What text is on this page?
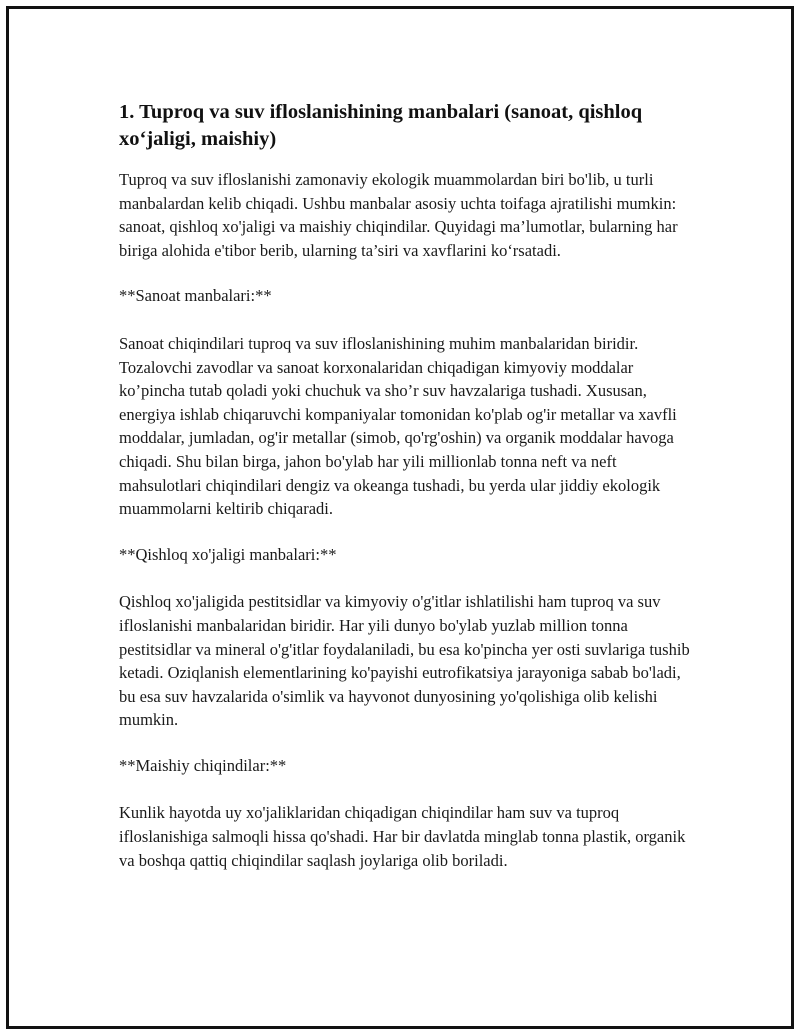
1. Tuproq va suv ifloslanishining manbalari (sanoat, qishloq xo‘jaligi, maishiy)

Tuproq va suv ifloslanishi zamonaviy ekologik muammolardan biri bo'lib, u turli manbalardan kelib chiqadi. Ushbu manbalar asosiy uchta toifaga ajratilishi mumkin: sanoat, qishloq xo'jaligi va maishiy chiqindilar. Quyidagi ma’lumotlar, bularning har biriga alohida e'tibor berib, ularning ta’siri va xavflarini ko‘rsatadi.

**Sanoat manbalari:**

Sanoat chiqindilari tuproq va suv ifloslanishining muhim manbalaridan biridir. Tozalovchi zavodlar va sanoat korxonalaridan chiqadigan kimyoviy moddalar ko’pincha tutab qoladi yoki chuchuk va sho’r suv havzalariga tushadi. Xususan, energiya ishlab chiqaruvchi kompaniyalar tomonidan ko'plab og'ir metallar va xavfli moddalar, jumladan, og'ir metallar (simob, qo'rg'oshin) va organik moddalar havoga chiqadi. Shu bilan birga, jahon bo'ylab har yili millionlab tonna neft va neft mahsulotlari chiqindilari dengiz va okeanga tushadi, bu yerda ular jiddiy ekologik muammolarni keltirib chiqaradi.

**Qishloq xo'jaligi manbalari:**

Qishloq xo'jaligida pestitsidlar va kimyoviy o'g'itlar ishlatilishi ham tuproq va suv ifloslanishi manbalaridan biridir. Har yili dunyo bo'ylab yuzlab million tonna pestitsidlar va mineral o'g'itlar foydalaniladi, bu esa ko'pincha yer osti suvlariga tushib ketadi. Oziqlanish elementlarining ko'payishi eutrofikatsiya jarayoniga sabab bo'ladi, bu esa suv havzalarida o'simlik va hayvonot dunyosining yo'qolishiga olib kelishi mumkin.

**Maishiy chiqindilar:**

Kunlik hayotda uy xo'jaliklaridan chiqadigan chiqindilar ham suv va tuproq ifloslanishiga salmoqli hissa qo'shadi. Har bir davlatda minglab tonna plastik, organik va boshqa qattiq chiqindilar saqlash joylariga olib boriladi.
